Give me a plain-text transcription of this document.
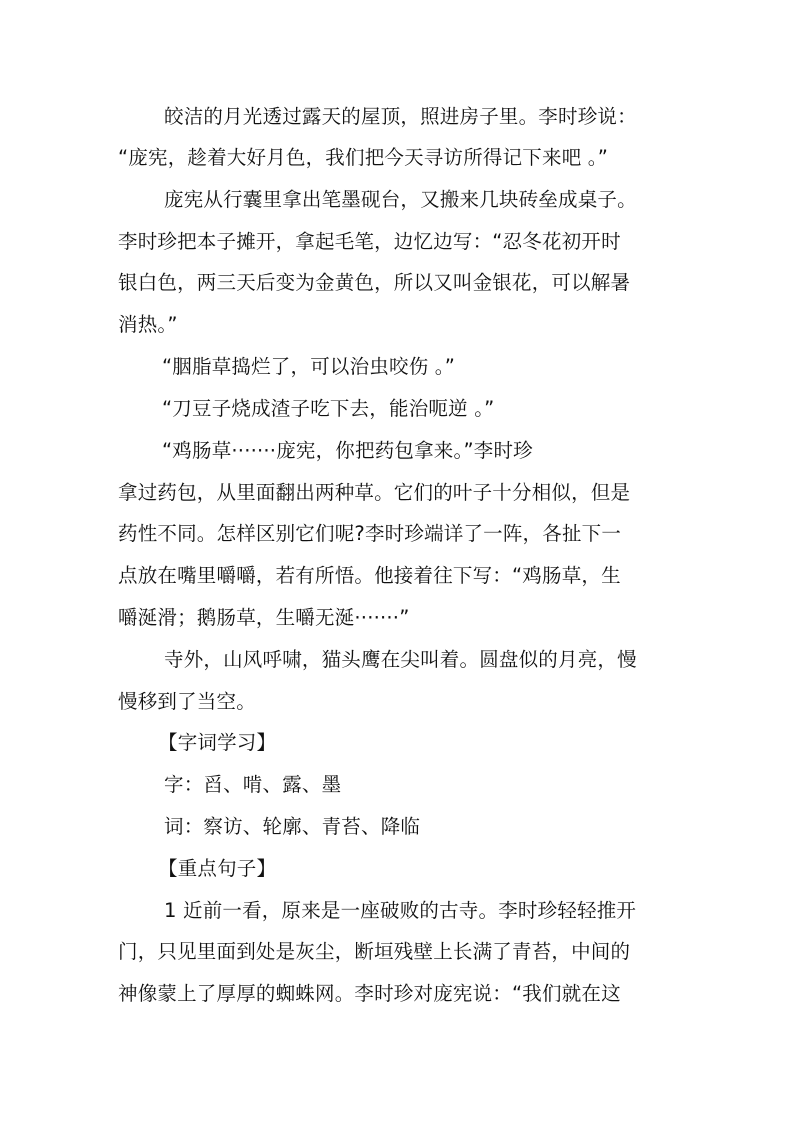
皎洁的月光透过露天的屋顶，照进房子里。李时珍说：
“庞宪，趁着大好月色，我们把今天寻访所得记下来吧 。”
庞宪从行囊里拿出笔墨砚台，又搬来几块砖垒成桌子。
李时珍把本子摊开，拿起毛笔，边忆边写：“忍冬花初开时
银白色，两三天后变为金黄色，所以又叫金银花，可以解暑
消热。”
“胭脂草捣烂了，可以治虫咬伤 。”
“刀豆子烧成渣子吃下去，能治呃逆 。”
“鸡肠草·······庞宪，你把药包拿来。”李时珍
拿过药包，从里面翻出两种草。它们的叶子十分相似，但是
药性不同。怎样区别它们呢?李时珍端详了一阵，各扯下一
点放在嘴里嚼嚼，若有所悟。他接着往下写：“鸡肠草，生
嚼涎滑；鹅肠草，生嚼无涎·······”
寺外，山风呼啸，猫头鹰在尖叫着。圆盘似的月亮，慢
慢移到了当空。
【字词学习】
字：舀、啃、露、墨
词：察访、轮廓、青苔、降临
【重点句子】
1 近前一看，原来是一座破败的古寺。李时珍轻轻推开
门，只见里面到处是灰尘，断垣残壁上长满了青苔，中间的
神像蒙上了厚厚的蜘蛛网。李时珍对庞宪说：“我们就在这
